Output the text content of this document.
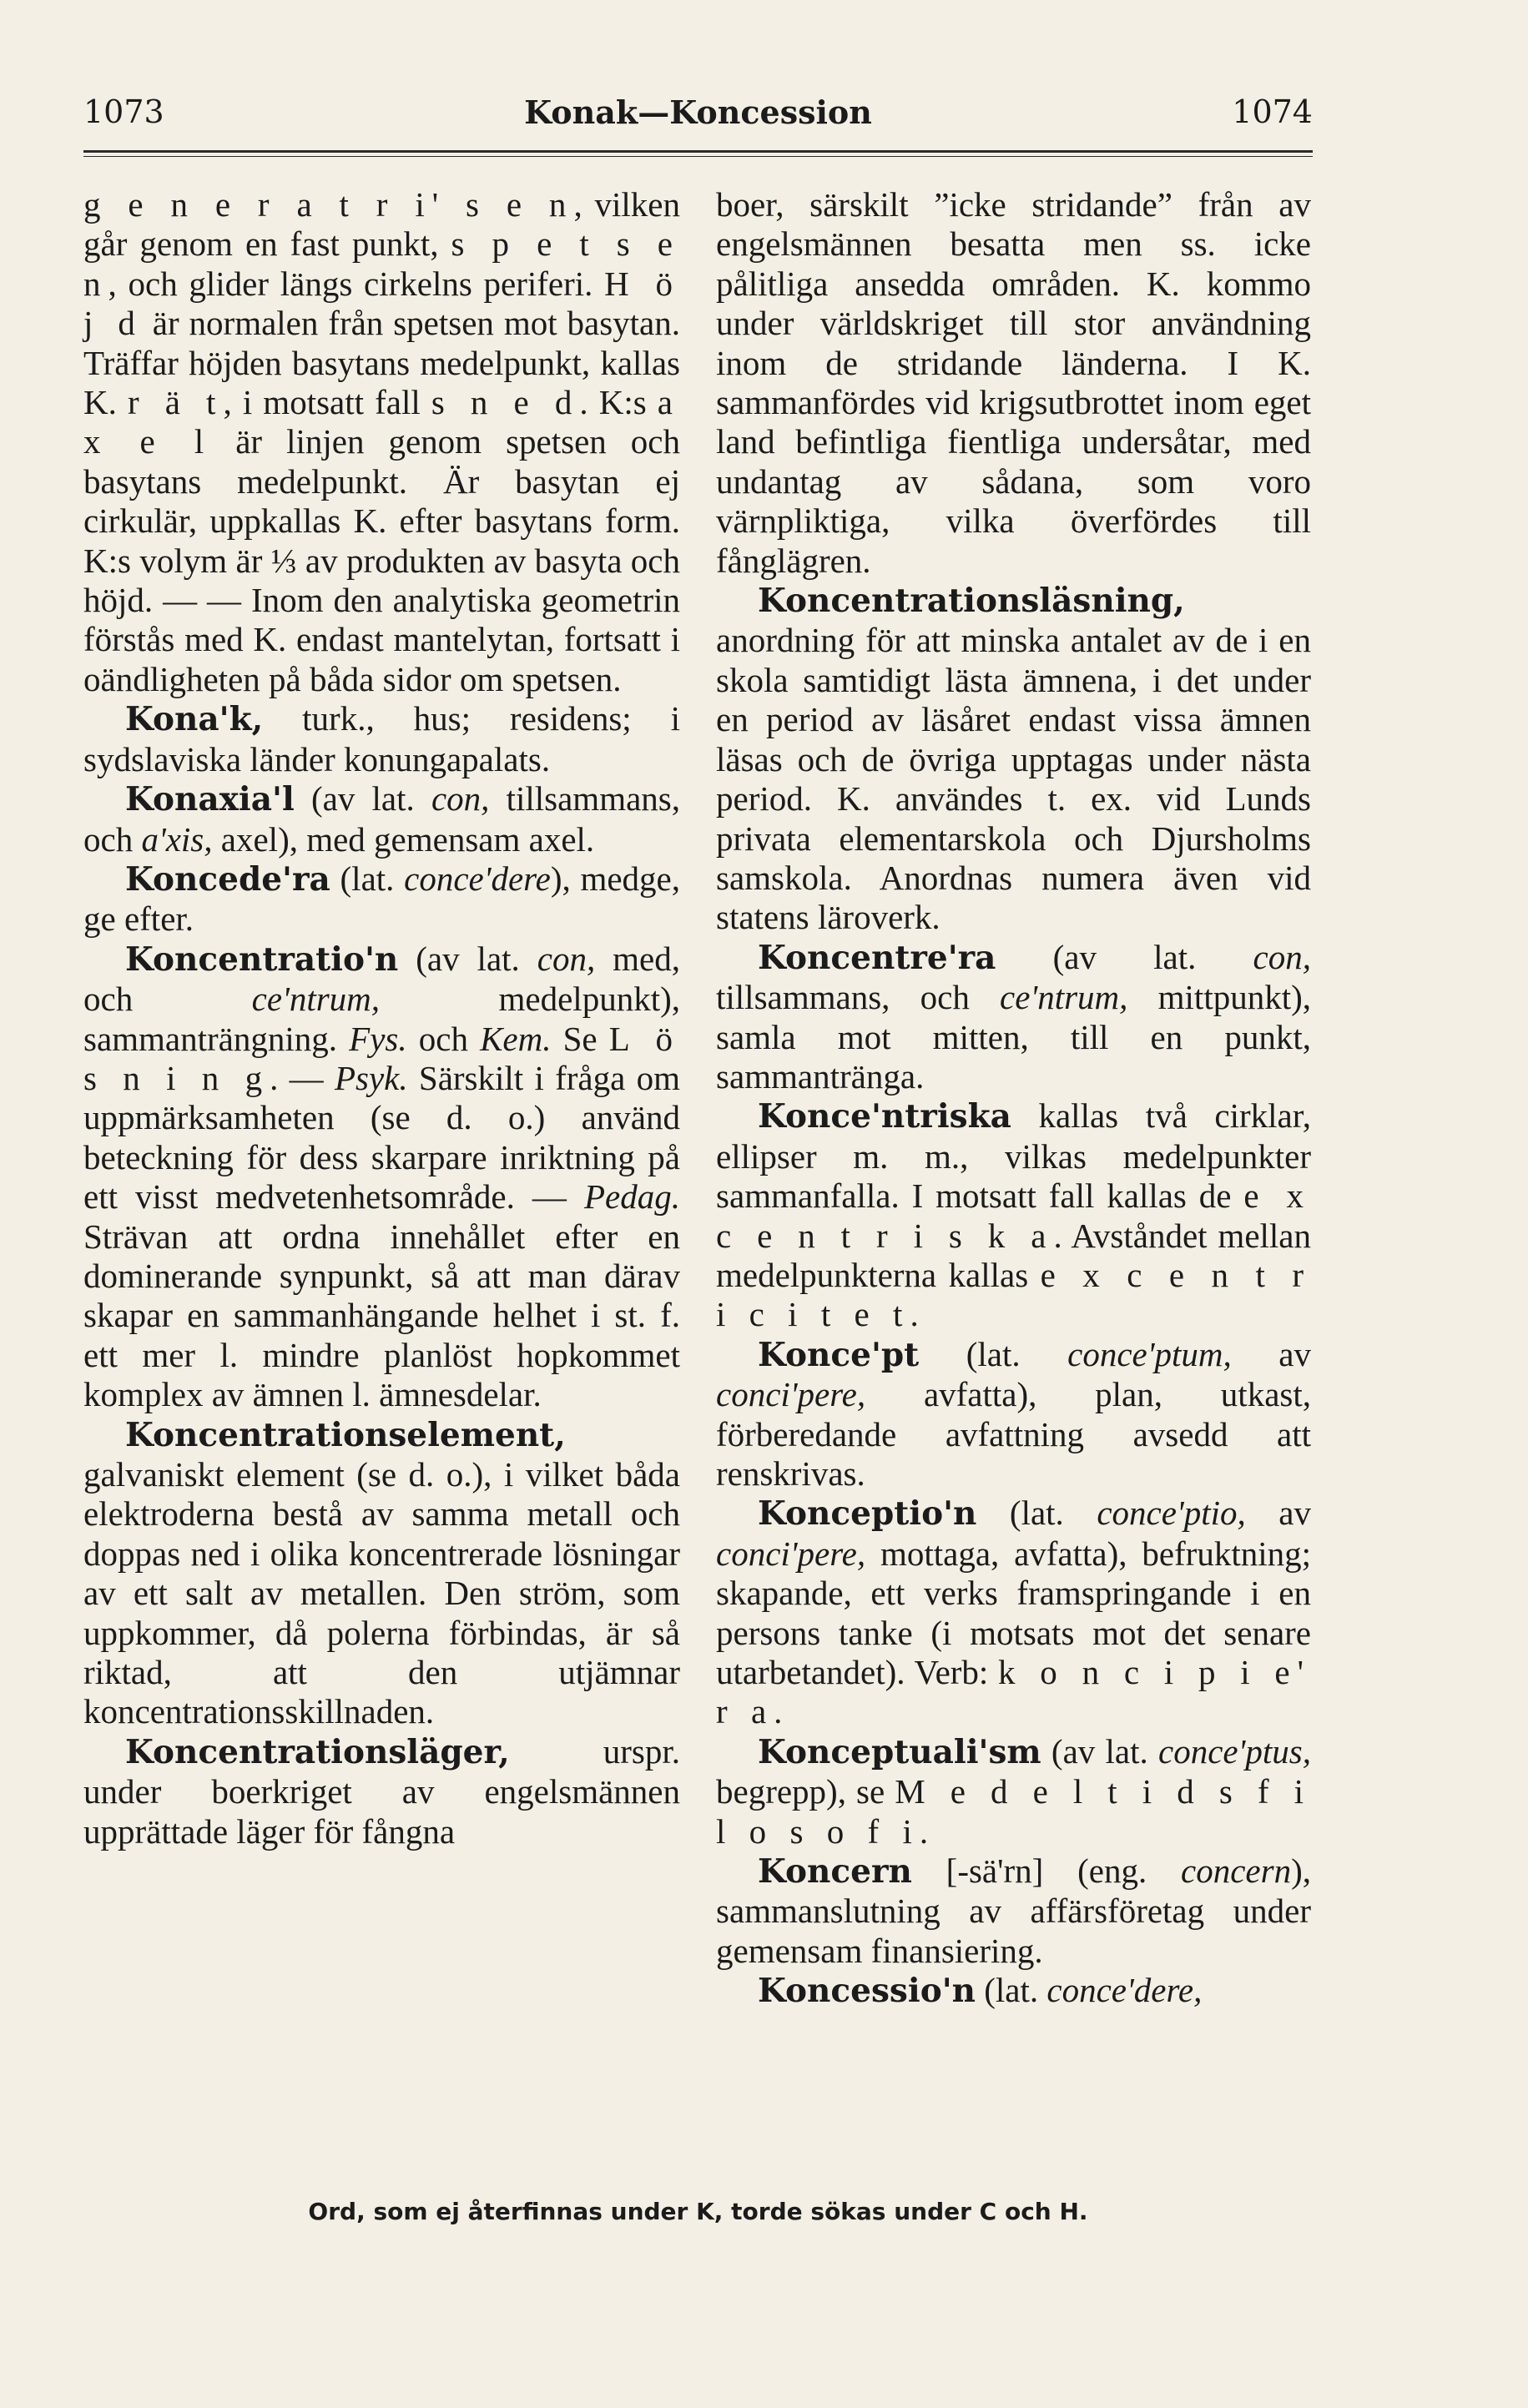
1073	Konak—Koncession	1074

g e n e r a t r i' s e n, vilken går genom en fast punkt, s p e t s e n, och glider längs cirkelns periferi. H ö j d är normalen från spetsen mot basytan. Träffar höjden basytans medelpunkt, kallas K. r ä t, i motsatt fall s n e d. K:s a x e l är linjen genom spetsen och basytans medelpunkt. Är basytan ej cirkulär, uppkallas K. efter basytans form. K:s volym är ⅓ av produkten av basyta och höjd. — — Inom den analytiska geometrin förstås med K. endast mantelytan, fortsatt i oändligheten på båda sidor om spetsen.

Kona'k, turk., hus; residens; i sydslaviska länder konungapalats.

Konaxia'l (av lat. con, tillsammans, och a'xis, axel), med gemensam axel.

Koncede'ra (lat. conce'dere), medge, ge efter.

Koncentratio'n (av lat. con, med, och ce'ntrum, medelpunkt), sammanträngning. Fys. och Kem. Se L ö s n i n g. — Psyk. Särskilt i fråga om uppmärksamheten (se d. o.) använd beteckning för dess skarpare inriktning på ett visst medvetenhetsområde. — Pedag. Strävan att ordna innehållet efter en dominerande synpunkt, så att man därav skapar en sammanhängande helhet i st. f. ett mer l. mindre planlöst hopkommet komplex av ämnen l. ämnesdelar.

Koncentrationselement, galvaniskt element (se d. o.), i vilket båda elektroderna bestå av samma metall och doppas ned i olika koncentrerade lösningar av ett salt av metallen. Den ström, som uppkommer, då polerna förbindas, är så riktad, att den utjämnar koncentrationsskillnaden.

Koncentrationsläger, urspr. under boerkriget av engelsmännen upprättade läger för fångna

boer, särskilt ”icke stridande” från av engelsmännen besatta men ss. icke pålitliga ansedda områden. K. kommo under världskriget till stor användning inom de stridande länderna. I K. sammanfördes vid krigsutbrottet inom eget land befintliga fientliga undersåtar, med undantag av sådana, som voro värnpliktiga, vilka överfördes till fånglägren.

Koncentrationsläsning, anordning för att minska antalet av de i en skola samtidigt lästa ämnena, i det under en period av läsåret endast vissa ämnen läsas och de övriga upptagas under nästa period. K. användes t. ex. vid Lunds privata elementarskola och Djursholms samskola. Anordnas numera även vid statens läroverk.

Koncentre'ra (av lat. con, tillsammans, och ce'ntrum, mittpunkt), samla mot mitten, till en punkt, sammantränga.

Konce'ntriska kallas två cirklar, ellipser m. m., vilkas medelpunkter sammanfalla. I motsatt fall kallas de e x c e n t r i s k a. Avståndet mellan medelpunkterna kallas e x c e n t r i c i t e t.

Konce'pt (lat. conce'ptum, av conci'pere, avfatta), plan, utkast, förberedande avfattning avsedd att renskrivas.

Konceptio'n (lat. conce'ptio, av conci'pere, mottaga, avfatta), befruktning; skapande, ett verks framspringande i en persons tanke (i motsats mot det senare utarbetandet). Verb: k o n c i p i e' r a.

Konceptuali'sm (av lat. conce'ptus, begrepp), se M e d e l t i d s f i l o s o f i.

Koncern [-sä'rn] (eng. concern), sammanslutning av affärsföretag under gemensam finansiering.

Koncessio'n (lat. conce'dere,

Ord, som ej återfinnas under K, torde sökas under C och H.
